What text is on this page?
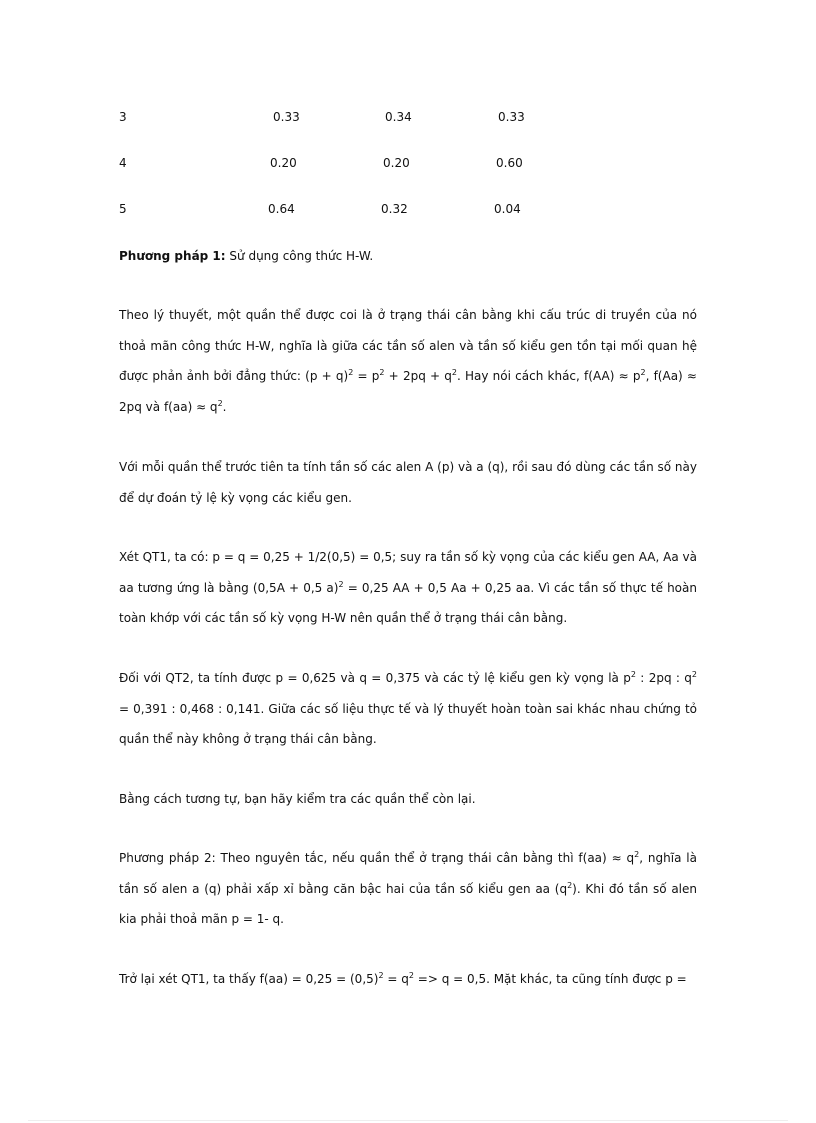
3	0.33	0.34	0.33
4	0.20	0.20	0.60
5	0.64	0.32	0.04

Phương pháp 1: Sử dụng công thức H-W.

Theo lý thuyết, một quần thể được coi là ở trạng thái cân bằng khi cấu trúc di truyền của nó thoả mãn công thức H-W, nghĩa là giữa các tần số alen và tần số kiểu gen tồn tại mối quan hệ được phản ảnh bởi đẳng thức: $(p + q)^2 = p^2 + 2pq + q^2$. Hay nói cách khác, $f(AA) \approx p^2$, f(Aa) ≈ 2pq và $f(aa) \approx q^2$.

Với mỗi quần thể trước tiên ta tính tần số các alen A (p) và a (q), rồi sau đó dùng các tần số này để dự đoán tỷ lệ kỳ vọng các kiểu gen.

Xét QT1, ta có: p = q = 0,25 + 1/2(0,5) = 0,5; suy ra tần số kỳ vọng của các kiểu gen AA, Aa và aa tương ứng là bằng (0,5A + 0,5 a)$^2$ = 0,25 AA + 0,5 Aa + 0,25 aa. Vì các tần số thực tế hoàn toàn khớp với các tần số kỳ vọng H-W nên quần thể ở trạng thái cân bằng.

Đối với QT2, ta tính được p = 0,625 và q = 0,375 và các tỷ lệ kiểu gen kỳ vọng là $p^2$ : 2pq : $q^2 = 0,391$ : 0,468 : 0,141. Giữa các số liệu thực tế và lý thuyết hoàn toàn sai khác nhau chứng tỏ quần thể này không ở trạng thái cân bằng.

Bằng cách tương tự, bạn hãy kiểm tra các quần thể còn lại.

Phương pháp 2: Theo nguyên tắc, nếu quần thể ở trạng thái cân bằng thì $f(aa) \approx q^2$, nghĩa là tần số alen a (q) phải xấp xỉ bằng căn bậc hai của tần số kiểu gen aa $(q^2)$. Khi đó tần số alen kia phải thoả mãn p = 1- q.

Trở lại xét QT1, ta thấy $f(aa) = 0,25 = (0,5)^2 = q^2 => q = 0,5$. Mặt khác, ta cũng tính được p =
